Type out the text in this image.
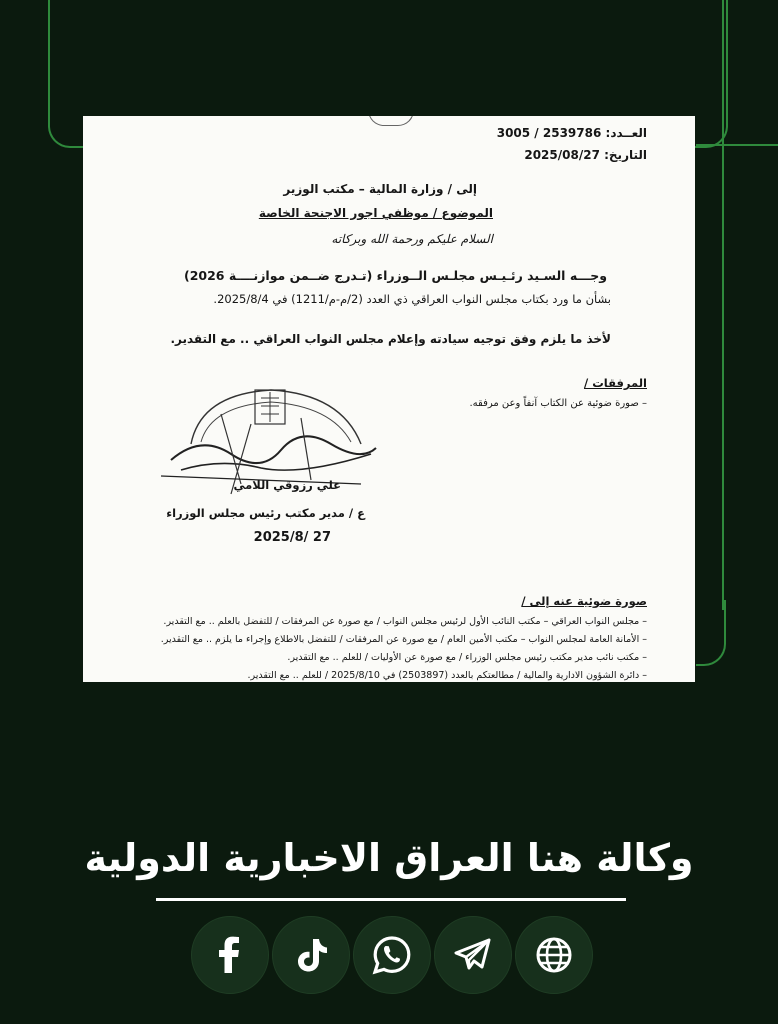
العــدد: 3005 / 2539786
التاريخ: 2025/08/27
إلى / وزارة المالية – مكتب الوزير
الموضوع / موظفي اجور الاجنحة الخاصة
السلام عليكم ورحمة الله وبركاته
وجـــه السـيد رئـيـس مجلـس الــوزراء (تـدرج ضــمن موازنــــة 2026)
بشأن ما ورد بكتاب مجلس النواب العراقي ذي العدد (2/م-م/1211) في 2025/8/4.
لأخذ ما يلزم وفق توجيه سيادته وإعلام مجلس النواب العراقي .. مع التقدير.
المرفقات /
– صورة ضوئية عن الكتاب آنفاً وعن مرفقه.
علي رزوقي اللامي
ع / مدير مكتب رئيس مجلس الوزراء
2025/8/ 27
صورة ضوئية عنه إلى /
– مجلس النواب العراقي – مكتب النائب الأول لرئيس مجلس النواب / مع صورة عن المرفقات / للتفضل بالعلم .. مع التقدير.
– الأمانة العامة لمجلس النواب – مكتب الأمين العام / مع صورة عن المرفقات / للتفضل بالاطلاع وإجراء ما يلزم .. مع التقدير.
– مكتب نائب مدير مكتب رئيس مجلس الوزراء / مع صورة عن الأوليات / للعلم .. مع التقدير.
– دائرة الشؤون الادارية والمالية / مطالعتكم بالعدد (2503897) في 2025/8/10 / للعلم .. مع التقدير.
وكالة هنا العراق الاخبارية الدولية
